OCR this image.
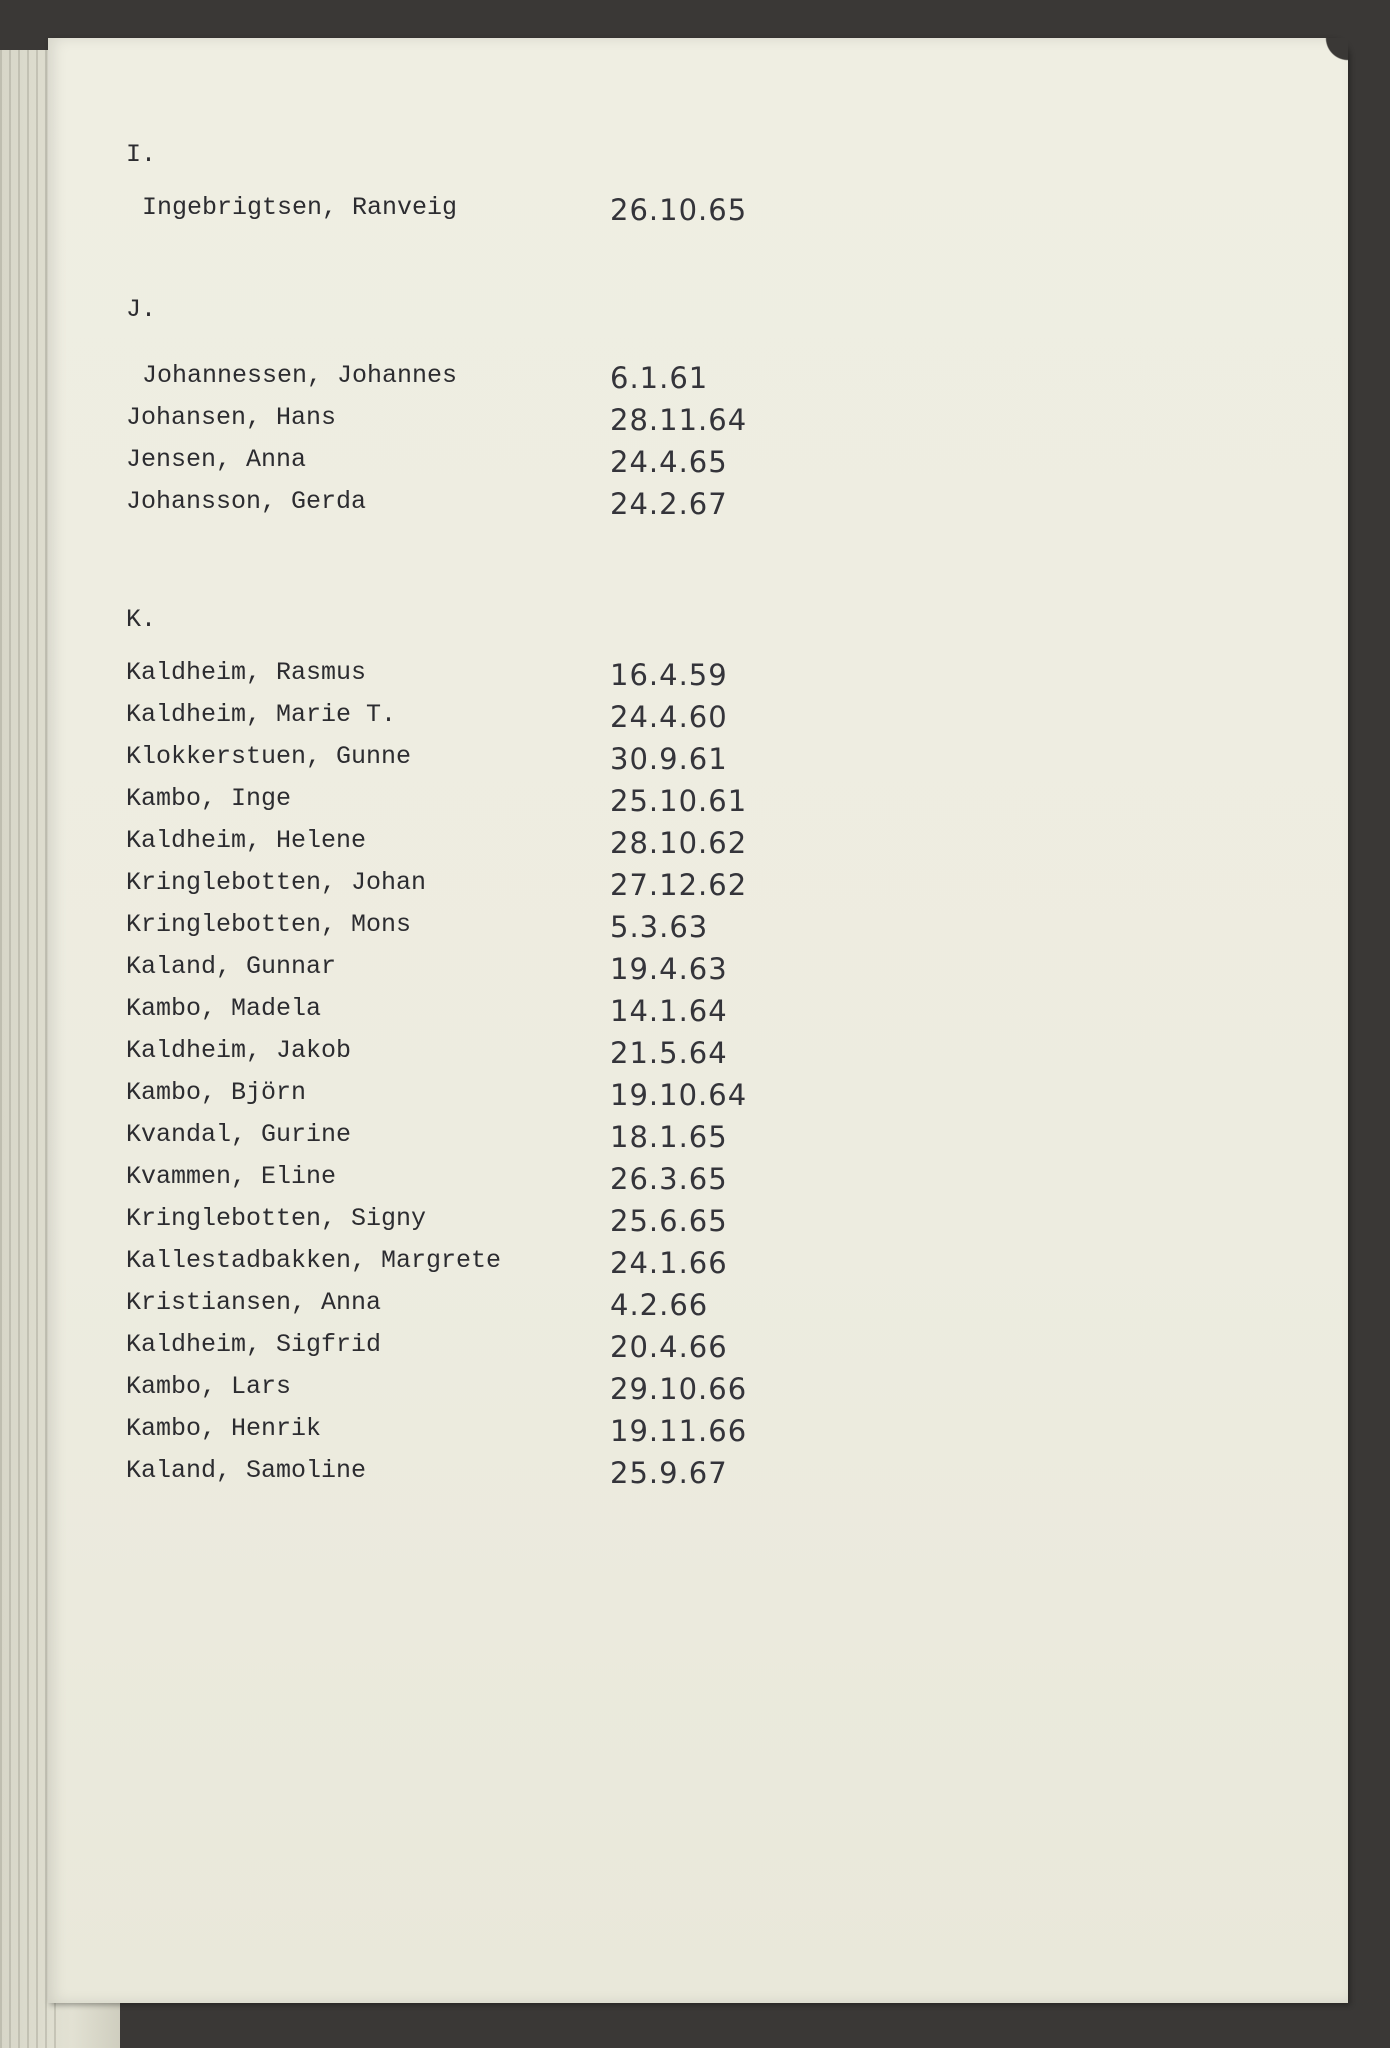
I.
Ingebrigtsen, Ranveig	26.10.65
J.
Johannessen, Johannes	6.1.61
Johansen, Hans	28.11.64
Jensen, Anna	24.4.65
Johansson, Gerda	24.2.67
K.
Kaldheim, Rasmus	16.4.59
Kaldheim, Marie T.	24.4.60
Klokkerstuen, Gunne	30.9.61
Kambo, Inge	25.10.61
Kaldheim, Helene	28.10.62
Kringlebotten, Johan	27.12.62
Kringlebotten, Mons	5.3.63
Kaland, Gunnar	19.4.63
Kambo, Madela	14.1.64
Kaldheim, Jakob	21.5.64
Kambo, Björn	19.10.64
Kvandal, Gurine	18.1.65
Kvammen, Eline	26.3.65
Kringlebotten, Signy	25.6.65
Kallestadbakken, Margrete	24.1.66
Kristiansen, Anna	4.2.66
Kaldheim, Sigfrid	20.4.66
Kambo, Lars	29.10.66
Kambo, Henrik	19.11.66
Kaland, Samoline	25.9.67
